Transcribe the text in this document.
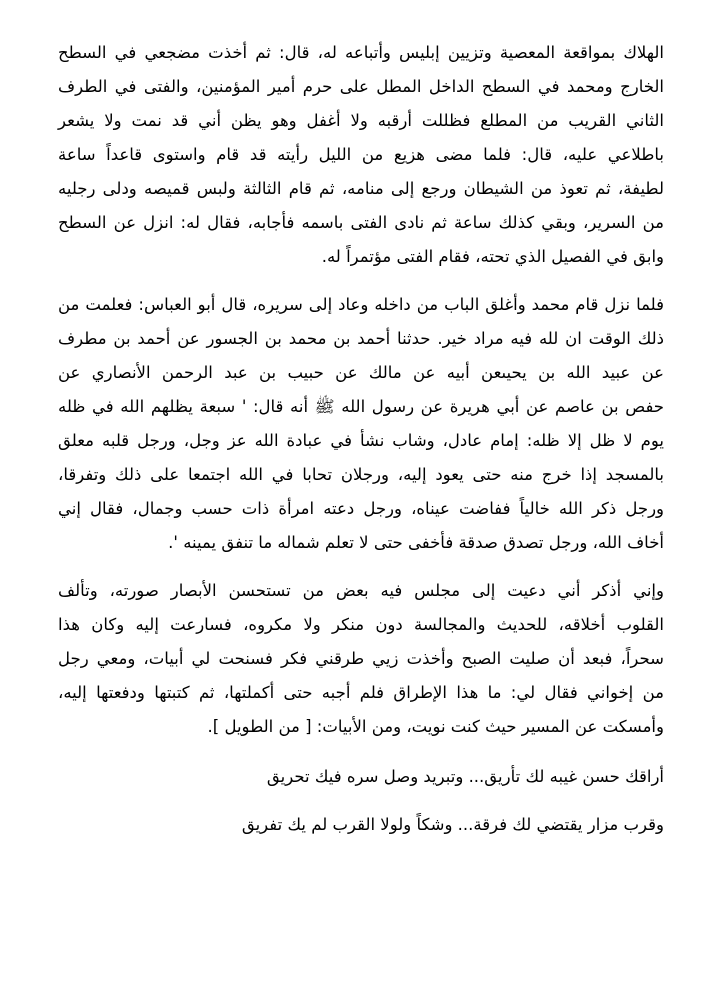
الهلاك بمواقعة المعصية وتزيين إبليس وأتباعه له، قال: ثم أخذت مضجعي في السطح
الخارج ومحمد في السطح الداخل المطل على حرم أمير المؤمنين، والفتى في الطرف
الثاني القريب من المطلع فظللت أرقبه ولا أغفل وهو يظن أني قد نمت ولا يشعر
باطلاعي عليه، قال: فلما مضى هزيع من الليل رأيته قد قام واستوى قاعداً ساعة
لطيفة، ثم تعوذ من الشيطان ورجع إلى منامه، ثم قام الثالثة ولبس قميصه ودلى رجليه
من السرير، وبقي كذلك ساعة ثم نادى الفتى باسمه فأجابه، فقال له: انزل عن السطح
وابق في الفصيل الذي تحته، فقام الفتى مؤتمراً له.

فلما نزل قام محمد وأغلق الباب من داخله وعاد إلى سريره، قال أبو العباس: فعلمت من
ذلك الوقت ان لله فيه مراد خير. حدثنا أحمد بن محمد بن الجسور عن أحمد بن مطرف
عن عبيد الله بن يحيىعن أبيه عن مالك عن حبيب بن عبد الرحمن الأنصاري عن
حفص بن عاصم عن أبي هريرة عن رسول الله ﷺ أنه قال: ' سبعة يظلهم الله في ظله
يوم لا ظل إلا ظله: إمام عادل، وشاب نشأ في عبادة الله عز وجل، ورجل قلبه معلق
بالمسجد إذا خرج منه حتى يعود إليه، ورجلان تحابا في الله اجتمعا على ذلك وتفرقا،
ورجل ذكر الله خالياً ففاضت عيناه، ورجل دعته امرأة ذات حسب وجمال، فقال إني
أخاف الله، ورجل تصدق صدقة فأخفى حتى لا تعلم شماله ما تنفق يمينه '.

وإني أذكر أني دعيت إلى مجلس فيه بعض من تستحسن الأبصار صورته، وتألف
القلوب أخلاقه، للحديث والمجالسة دون منكر ولا مكروه، فسارعت إليه وكان هذا
سحراً، فبعد أن صليت الصبح وأخذت زيي طرقني فكر فسنحت لي أبيات، ومعي رجل
من إخواني فقال لي: ما هذا الإطراق فلم أجبه حتى أكملتها، ثم كتبتها ودفعتها إليه،
وأمسكت عن المسير حيث كنت نويت، ومن الأبيات: [ من الطويل ].

أراقك حسن غيبه لك تأريق... وتبريد وصل سره فيك تحريق

وقرب مزار يقتضي لك فرقة... وشكاً ولولا القرب لم يك تفريق
